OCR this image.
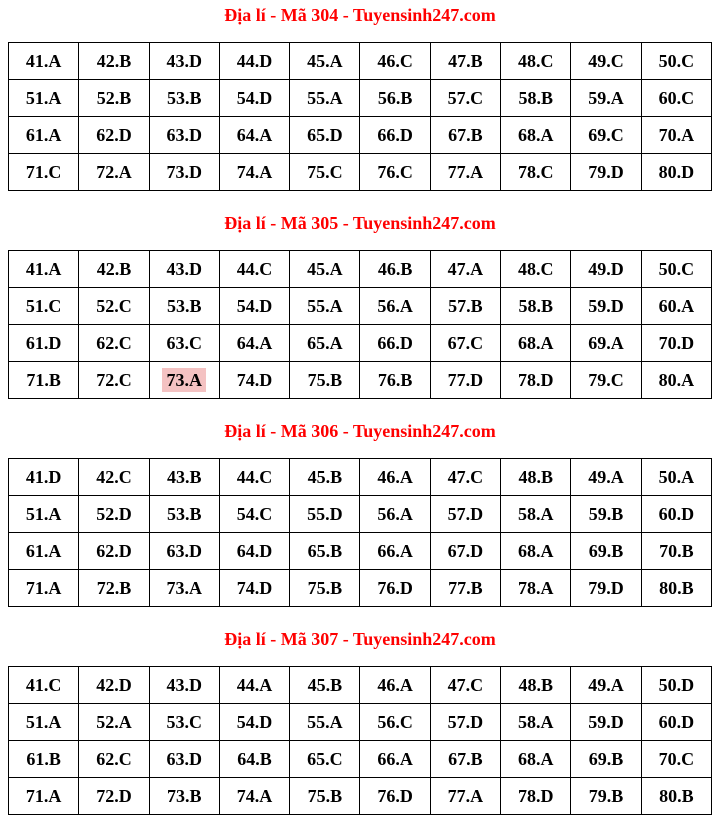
Địa lí - Mã 304 - Tuyensinh247.com
41.A	42.B	43.D	44.D	45.A	46.C	47.B	48.C	49.C	50.C
51.A	52.B	53.B	54.D	55.A	56.B	57.C	58.B	59.A	60.C
61.A	62.D	63.D	64.A	65.D	66.D	67.B	68.A	69.C	70.A
71.C	72.A	73.D	74.A	75.C	76.C	77.A	78.C	79.D	80.D
Địa lí - Mã 305 - Tuyensinh247.com
41.A	42.B	43.D	44.C	45.A	46.B	47.A	48.C	49.D	50.C
51.C	52.C	53.B	54.D	55.A	56.A	57.B	58.B	59.D	60.A
61.D	62.C	63.C	64.A	65.A	66.D	67.C	68.A	69.A	70.D
71.B	72.C	73.A	74.D	75.B	76.B	77.D	78.D	79.C	80.A
Địa lí - Mã 306 - Tuyensinh247.com
41.D	42.C	43.B	44.C	45.B	46.A	47.C	48.B	49.A	50.A
51.A	52.D	53.B	54.C	55.D	56.A	57.D	58.A	59.B	60.D
61.A	62.D	63.D	64.D	65.B	66.A	67.D	68.A	69.B	70.B
71.A	72.B	73.A	74.D	75.B	76.D	77.B	78.A	79.D	80.B
Địa lí - Mã 307 - Tuyensinh247.com
41.C	42.D	43.D	44.A	45.B	46.A	47.C	48.B	49.A	50.D
51.A	52.A	53.C	54.D	55.A	56.C	57.D	58.A	59.D	60.D
61.B	62.C	63.D	64.B	65.C	66.A	67.B	68.A	69.B	70.C
71.A	72.D	73.B	74.A	75.B	76.D	77.A	78.D	79.B	80.B
